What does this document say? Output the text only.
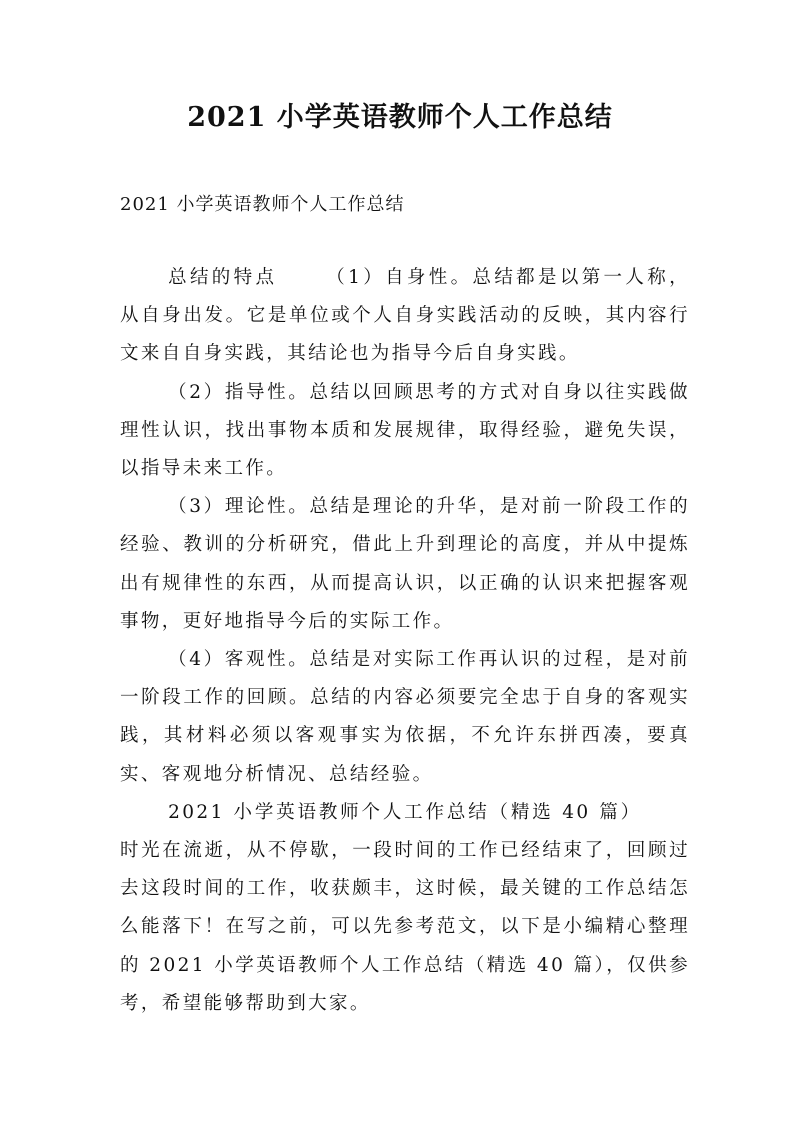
2021 小学英语教师个人工作总结
2021 小学英语教师个人工作总结

总结的特点	（1）自身性。总结都是以第一人称，从自身出发。它是单位或个人自身实践活动的反映，其内容行文来自自身实践，其结论也为指导今后自身实践。

（2）指导性。总结以回顾思考的方式对自身以往实践做理性认识，找出事物本质和发展规律，取得经验，避免失误，以指导未来工作。

（3）理论性。总结是理论的升华，是对前一阶段工作的经验、教训的分析研究，借此上升到理论的高度，并从中提炼出有规律性的东西，从而提高认识，以正确的认识来把握客观事物，更好地指导今后的实际工作。

（4）客观性。总结是对实际工作再认识的过程，是对前一阶段工作的回顾。总结的内容必须要完全忠于自身的客观实践，其材料必须以客观事实为依据，不允许东拼西凑，要真实、客观地分析情况、总结经验。

2021 小学英语教师个人工作总结（精选 40 篇）时光在流逝，从不停歇，一段时间的工作已经结束了，回顾过去这段时间的工作，收获颇丰，这时候，最关键的工作总结怎么能落下！在写之前，可以先参考范文，以下是小编精心整理的 2021 小学英语教师个人工作总结（精选 40 篇），仅供参考，希望能够帮助到大家。
